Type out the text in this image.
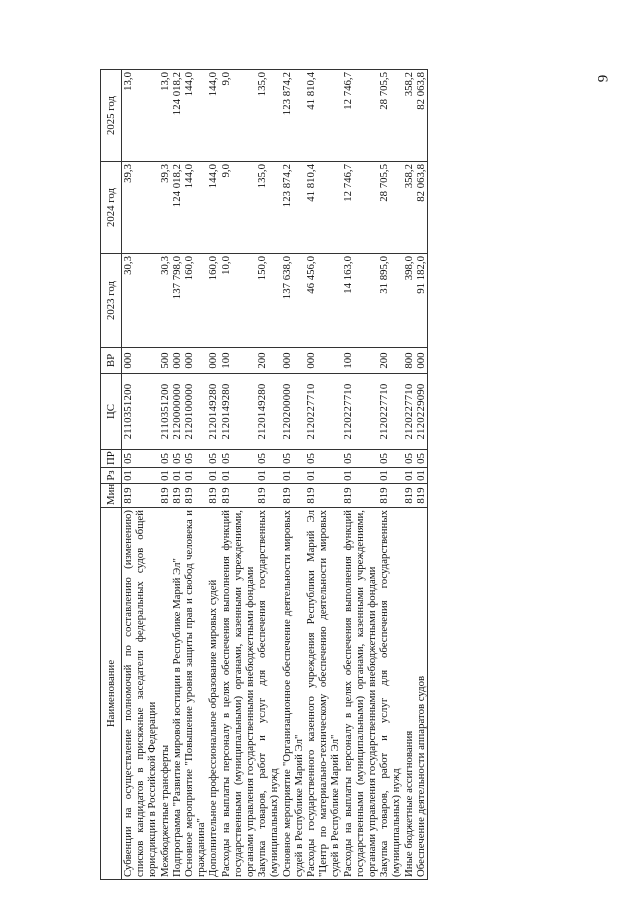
9
Наименование	Мин	Рз	ПР	ЦС	ВР	2023 год	2024 год	2025 год
Субвенции на осуществление полномочий по составлению (изменению) списков кандидатов в присяжные заседатели федеральных судов общей юрисдикции в Российской Федерации	819	01	05	2110351200	000	30,3	39,3	13,0
Межбюджетные трансферты	819	01	05	2110351200	500	30,3	39,3	13,0
Подпрограмма "Развитие мировой юстиции в Республике Марий Эл"	819	01	05	2120000000	000	137 798,0	124 018,2	124 018,2
Основное мероприятие "Повышение уровня защиты прав и свобод человека и гражданина"	819	01	05	2120100000	000	160,0	144,0	144,0
Дополнительное профессиональное образование мировых судей	819	01	05	2120149280	000	160,0	144,0	144,0
Расходы на выплаты персоналу в целях обеспечения выполнения функций государственными (муниципальными) органами, казенными учреждениями, органами управления государственными внебюджетными фондами	819	01	05	2120149280	100	10,0	9,0	9,0
Закупка товаров, работ и услуг для обеспечения государственных (муниципальных) нужд	819	01	05	2120149280	200	150,0	135,0	135,0
Основное мероприятие "Организационное обеспечение деятельности мировых судей в Республике Марий Эл"	819	01	05	2120200000	000	137 638,0	123 874,2	123 874,2
Расходы государственного казенного учреждения Республики Марий Эл "Центр по материально-техническому обеспечению деятельности мировых судей в Республике Марий Эл"	819	01	05	2120227710	000	46 456,0	41 810,4	41 810,4
Расходы на выплаты персоналу в целях обеспечения выполнения функций государственными (муниципальными) органами, казенными учреждениями, органами управления государственными внебюджетными фондами	819	01	05	2120227710	100	14 163,0	12 746,7	12 746,7
Закупка товаров, работ и услуг для обеспечения государственных (муниципальных) нужд	819	01	05	2120227710	200	31 895,0	28 705,5	28 705,5
Иные бюджетные ассигнования	819	01	05	2120227710	800	398,0	358,2	358,2
Обеспечение деятельности аппаратов судов	819	01	05	2120229090	000	91 182,0	82 063,8	82 063,8
